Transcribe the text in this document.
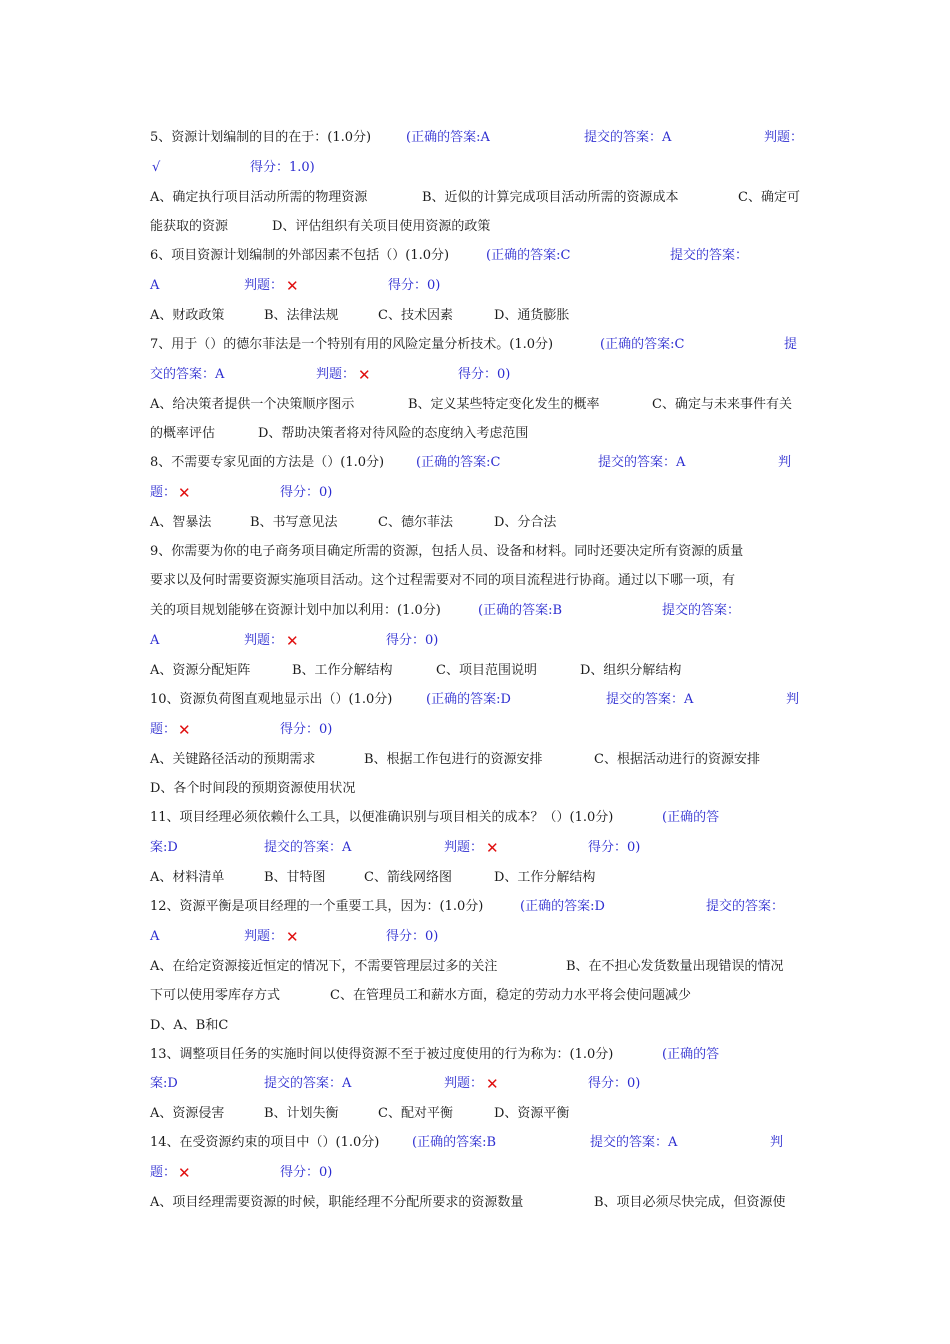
5、资源计划编制的目的在于：(1.0分)	(正确的答案:A	提交的答案：A	判题：
√	得分：1.0)
A、确定执行项目活动所需的物理资源	B、近似的计算完成项目活动所需的资源成本	C、确定可
能获取的资源	D、评估组织有关项目使用资源的政策
6、项目资源计划编制的外部因素不包括（）(1.0分)	(正确的答案:C	提交的答案：
A	判题： ✕	得分：0)
A、财政政策	B、法律法规	C、技术因素	D、通货膨胀
7、用于（）的德尔菲法是一个特别有用的风险定量分析技术。(1.0分)	(正确的答案:C	提
交的答案：A	判题： ✕	得分：0)
A、给决策者提供一个决策顺序图示	B、定义某些特定变化发生的概率	C、确定与未来事件有关
的概率评估	D、帮助决策者将对待风险的态度纳入考虑范围
8、不需要专家见面的方法是（）(1.0分) (正确的答案:C	提交的答案：A	判
题： ✕	得分：0)
A、智暴法	B、书写意见法	C、德尔菲法	D、分合法
9、你需要为你的电子商务项目确定所需的资源，包括人员、设备和材料。同时还要决定所有资源的质量
要求以及何时需要资源实施项目活动。这个过程需要对不同的项目流程进行协商。通过以下哪一项，有
关的项目规划能够在资源计划中加以利用：(1.0分)	(正确的答案:B	提交的答案：
A	判题： ✕	得分：0)
A、资源分配矩阵	B、工作分解结构	C、项目范围说明	D、组织分解结构
10、资源负荷图直观地显示出（）(1.0分)	(正确的答案:D	提交的答案：A	判
题： ✕	得分：0)
A、关键路径活动的预期需求	B、根据工作包进行的资源安排	C、根据活动进行的资源安排
D、各个时间段的预期资源使用状况
11、项目经理必须依赖什么工具，以便准确识别与项目相关的成本？（）(1.0分)	(正确的答
案:D	提交的答案：A	判题： ✕	得分：0)
A、材料清单	B、甘特图	C、箭线网络图	D、工作分解结构
12、资源平衡是项目经理的一个重要工具，因为：(1.0分)	(正确的答案:D	提交的答案：
A	判题： ✕	得分：0)
A、在给定资源接近恒定的情况下，不需要管理层过多的关注	B、在不担心发货数量出现错误的情况
下可以使用零库存方式	C、在管理员工和薪水方面，稳定的劳动力水平将会使问题减少
D、A、B和C
13、调整项目任务的实施时间以使得资源不至于被过度使用的行为称为：(1.0分)	(正确的答
案:D	提交的答案：A	判题： ✕	得分：0)
A、资源侵害	B、计划失衡	C、配对平衡	D、资源平衡
14、在受资源约束的项目中（）(1.0分)	(正确的答案:B	提交的答案：A	判
题： ✕	得分：0)
A、项目经理需要资源的时候，职能经理不分配所要求的资源数量	B、项目必须尽快完成，但资源使
